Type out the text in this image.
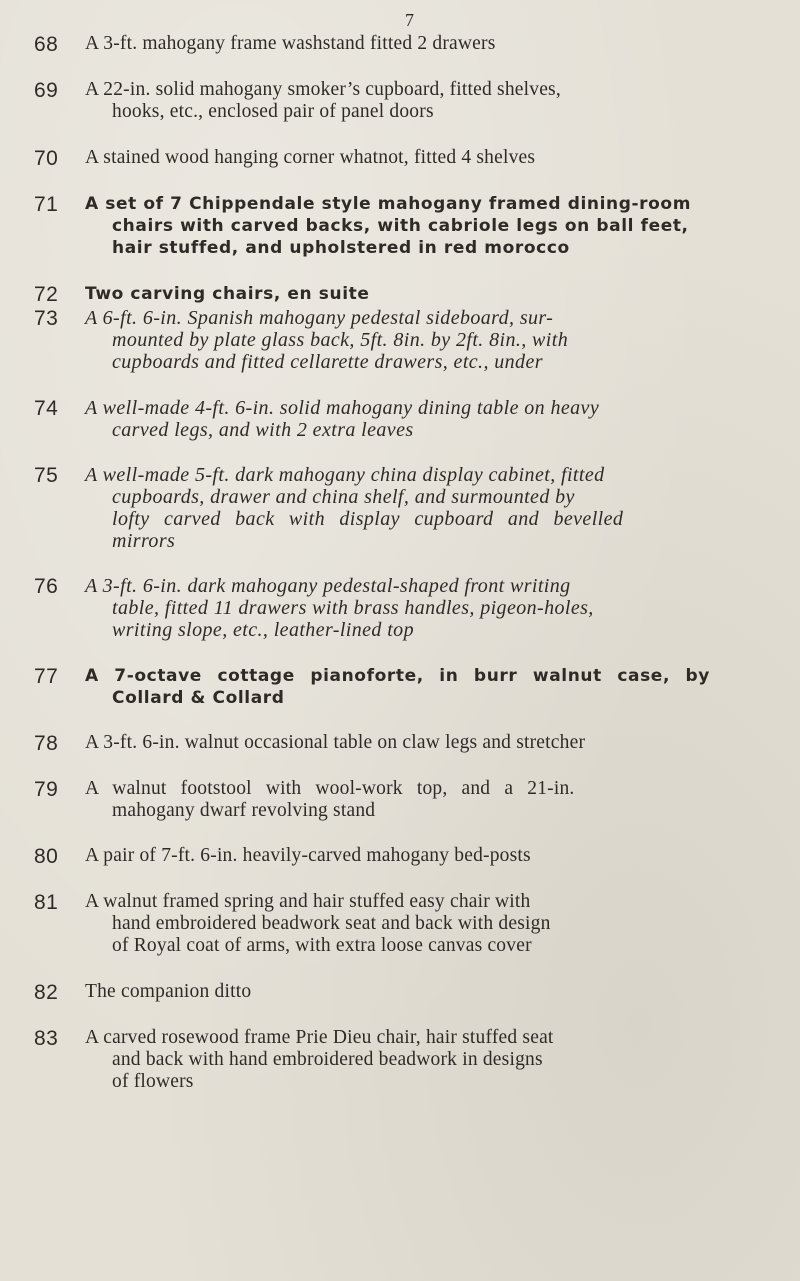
7
68	A 3-ft. mahogany frame washstand fitted 2 drawers
69	A 22-in. solid mahogany smoker’s cupboard, fitted shelves,
hooks, etc., enclosed pair of panel doors
70	A stained wood hanging corner whatnot, fitted 4 shelves
71	A set of 7 Chippendale style mahogany framed dining-room
chairs with carved backs, with cabriole legs on ball feet,
hair stuffed, and upholstered in red morocco
72	Two carving chairs, en suite
73	A 6-ft. 6-in. Spanish mahogany pedestal sideboard, sur-
mounted by plate glass back, 5ft. 8in. by 2ft. 8in., with
cupboards and fitted cellarette drawers, etc., under
74	A well-made 4-ft. 6-in. solid mahogany dining table on heavy
carved legs, and with 2 extra leaves
75	A well-made 5-ft. dark mahogany china display cabinet, fitted
cupboards, drawer and china shelf, and surmounted by
lofty carved back with display cupboard and bevelled
mirrors
76	A 3-ft. 6-in. dark mahogany pedestal-shaped front writing
table, fitted 11 drawers with brass handles, pigeon-holes,
writing slope, etc., leather-lined top
77	A 7-octave cottage pianoforte, in burr walnut case, by
Collard & Collard
78	A 3-ft. 6-in. walnut occasional table on claw legs and stretcher
79	A walnut footstool with wool-work top, and a 21-in.
mahogany dwarf revolving stand
80	A pair of 7-ft. 6-in. heavily-carved mahogany bed-posts
81	A walnut framed spring and hair stuffed easy chair with
hand embroidered beadwork seat and back with design
of Royal coat of arms, with extra loose canvas cover
82	The companion ditto
83	A carved rosewood frame Prie Dieu chair, hair stuffed seat
and back with hand embroidered beadwork in designs
of flowers
